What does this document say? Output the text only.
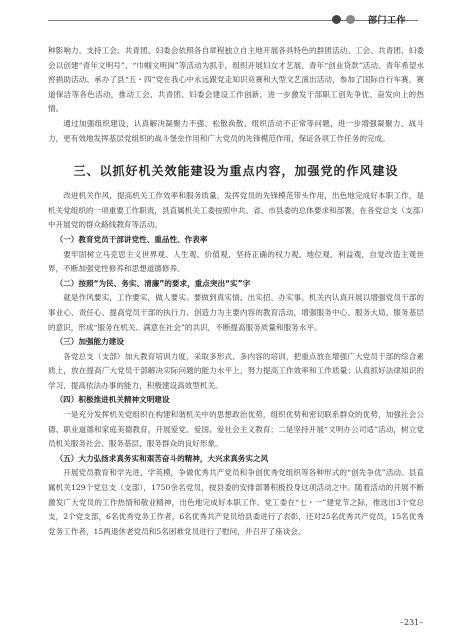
部门工作

种影响力。支持工会、共青团、妇委会依照各自章程独立自主地开展各具特色的群团活动。工会、共青团、妇委会以创建“青年文明号”、“巾帼文明岗”等活动为抓手，组织开展妇女才艺展、青年“创业贷款”活动、青年希望水窖捐助活动、承办了县“五・四”党在我心中永远跟党走知识竞赛和大型文艺演出活动，参加了国际自行车赛，赛道保洁等各色活动，推动工会、共青团、妇委会建设工作创新，进一步激发干部职工创先争优、奋发向上的热情。

通过加强组织建设，认真解决凝聚力不强、松散涣散、组织活动不正常等问题，进一步增强凝聚力、战斗力，更有效地发挥基层党组织的战斗堡垒作用和广大党员的先锋模范作用，保证各项工作任务的完成。

三、以抓好机关效能建设为重点内容，加强党的作风建设

改进机关作风，提高机关工作效率和服务质量，发挥党员的先锋模范带头作用，出色地完成好本职工作，是机关党组织的一项重要工作职责，县直属机关工委按照中共、省、市县委的总体要求和部署，在各党总支（支部）中开展党的群众路线教育等活动。

（一）教育党员干部讲党性、重品性、作表率

要牢固树立马克思主义世界观、人生观、价值观，坚持正确的权力观、地位观、利益观，自觉改造主观世界，不断加强党性修养和思想道德修养。

（二）按照“为民、务实、清廉”的要求，重点突出“实”字

就是作风要实，工作要实，做人要实。要做到真实情、出实招、办实事。机关内认真开展以增强党员干部的事业心、责任心、提高党员干部的执行力、创造力为主要内容的教育活动，增强服务中心、服务大局、服务基层的意识，形成“服务在机关、满意在社会”的共识，不断提高服务质量和服务水平。

（三）加强能力建设

各党总支（支部）加大教育培训力度，采取多形式、多内容的培训，把重点放在增强广大党员干部的综合素质上，放在提高广大党员干部解决实际问题的能力水平上，努力提高工作效率和工作质量；认真抓好法律知识的学习，提高依法办事的能力，积极建设高效型机关。

（四）积极推进机关精神文明建设

一是充分发挥机关党组织在构建和谐机关中的思想政治优势，组织优势和密切联系群众的优势，加强社会公德、职业道德和家庭美德教育，开展爱党、爱国、爱社会主义教育；二是坚持开展“文明办公司适”活动，树立党员机关服务社会、服务基层、服务群众的良好形象。

（五）大力弘扬求真务实和艰苦奋斗的精神，大兴求真务实之风

开展党员教育和学先进、学英模，争做优秀共产党员和争创优秀党组织等各种形式的“创先争优”活动。县直属机关129个党总支（支部），1750余名党员，按县委的安排部署积极投身这项活动之中。随着活动的开展不断激发广大党员的工作热情和敬业精神，出色地完成好本职工作。党工委在“七・一”建党节之际，推选出3个党总支，2个党支部，6名优秀党务工作者，6名优秀共产党员给县委进行了表彰，还对25名优秀共产党员，15名优秀党务工作者，15两退休老党员和5名困难党员进行了慰问，并召开了座谈会。

–231–
